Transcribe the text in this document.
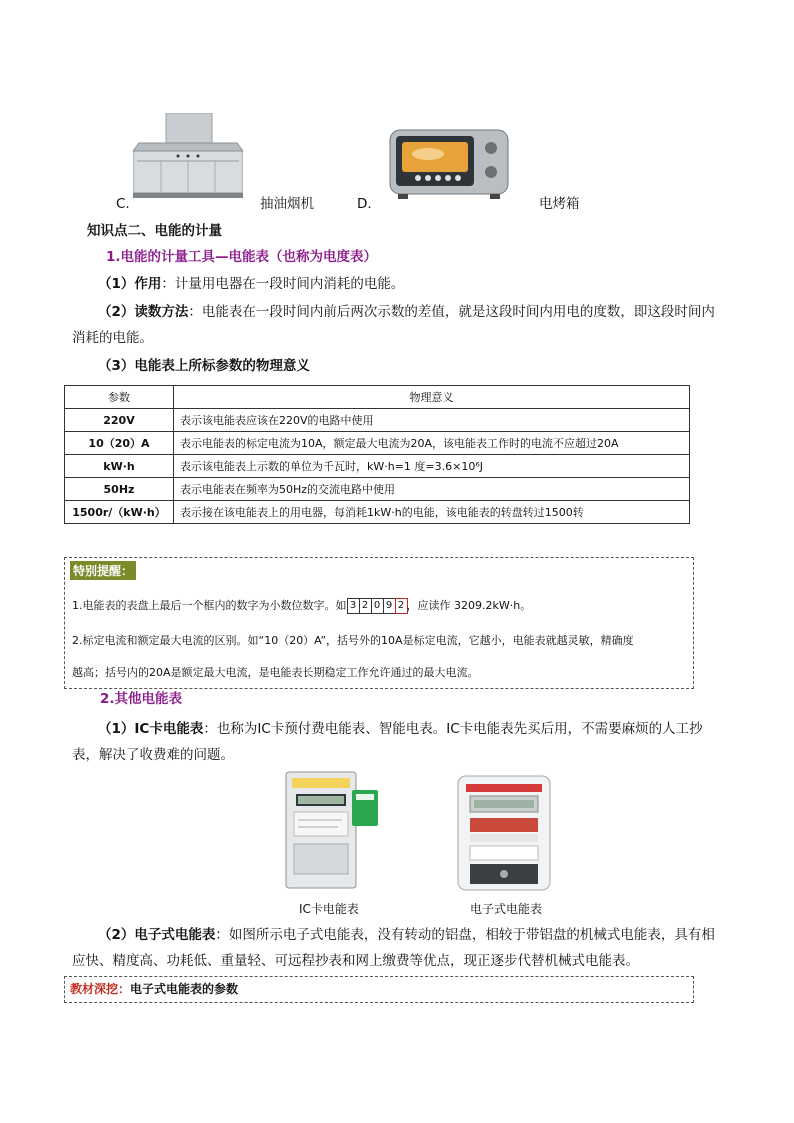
C.	抽油烟机	D.	电烤箱
知识点二、电能的计量
1.电能的计量工具—电能表（也称为电度表）
（1）作用：计量用电器在一段时间内消耗的电能。
（2）读数方法：电能表在一段时间内前后两次示数的差值，就是这段时间内用电的度数，即这段时间内消耗的电能。
（3）电能表上所标参数的物理意义
参数	物理意义
220V	表示该电能表应该在220V的电路中使用
10（20）A	表示电能表的标定电流为10A，额定最大电流为20A，该电能表工作时的电流不应超过20A
kW·h	表示该电能表上示数的单位为千瓦时，kW·h=1 度=3.6×10⁶J
50Hz	表示电能表在频率为50Hz的交流电路中使用
1500r/（kW·h）	表示接在该电能表上的用电器，每消耗1kW·h的电能，该电能表的转盘转过1500转
特别提醒：
1.电能表的表盘上最后一个框内的数字为小数位数字。如 3 2 0 9 2 ，应读作 3209.2kW·h。
2.标定电流和额定最大电流的区别。如“10（20）A”，括号外的10A是标定电流，它越小，电能表就越灵敏，精确度
越高；括号内的20A是额定最大电流，是电能表长期稳定工作允许通过的最大电流。
2.其他电能表
（1）IC卡电能表：也称为IC卡预付费电能表、智能电表。IC卡电能表先买后用，不需要麻烦的人工抄表，解决了收费难的问题。
IC卡电能表	电子式电能表
（2）电子式电能表：如图所示电子式电能表，没有转动的铝盘，相较于带铝盘的机械式电能表，具有相应快、精度高、功耗低、重量轻、可远程抄表和网上缴费等优点，现正逐步代替机械式电能表。
教材深挖：电子式电能表的参数
